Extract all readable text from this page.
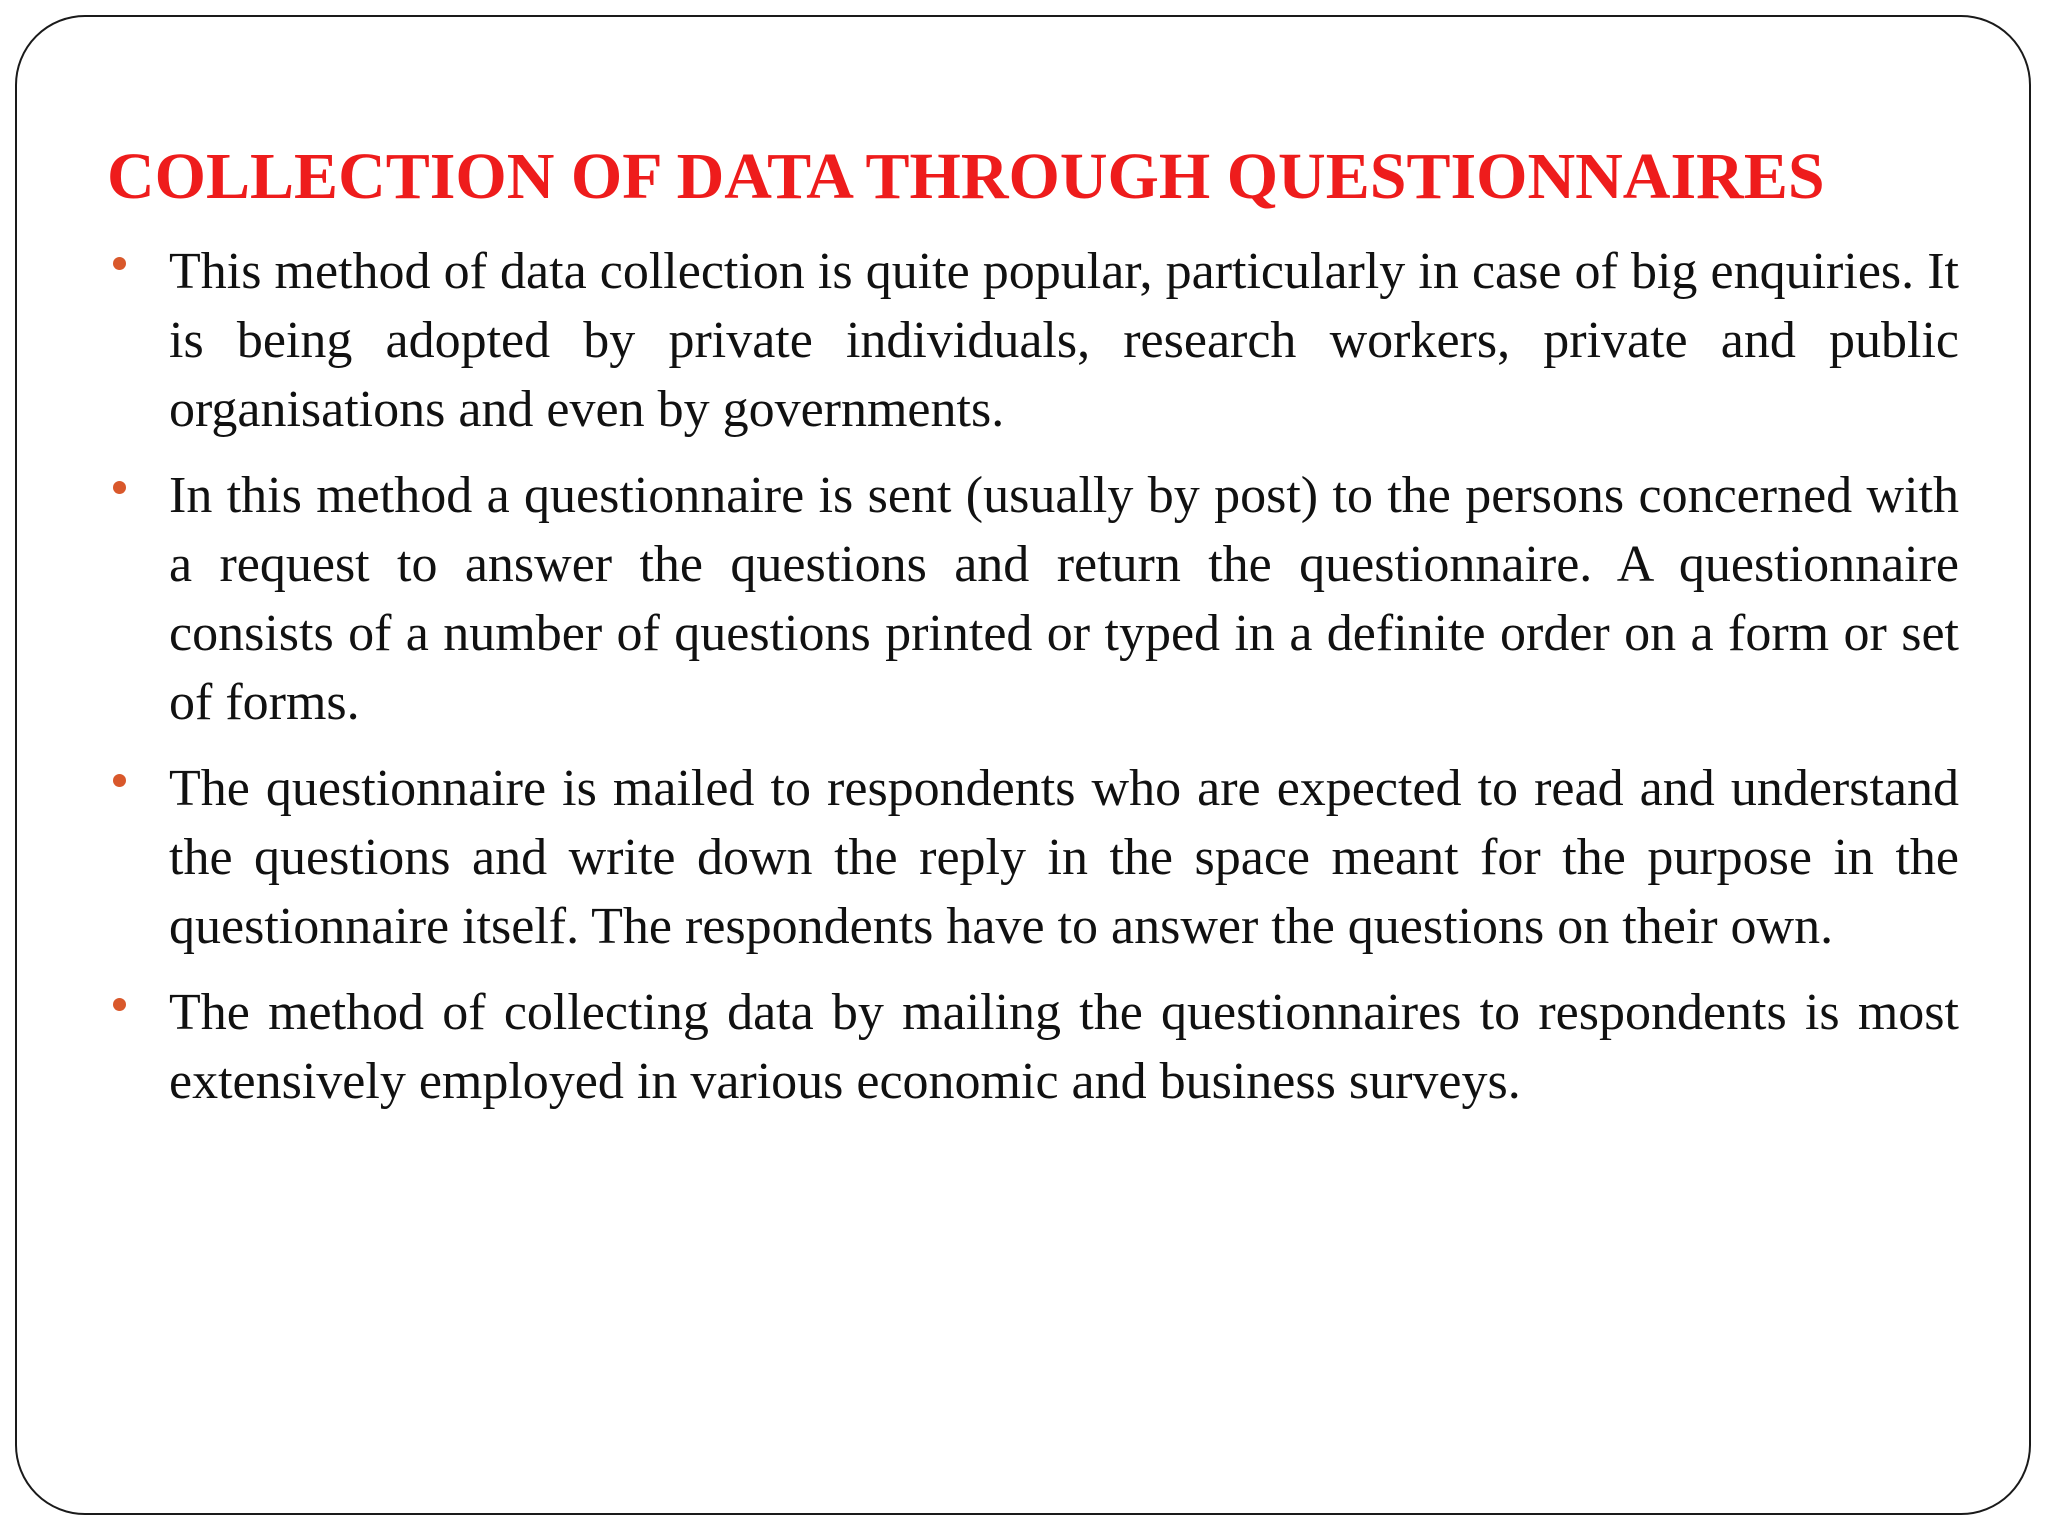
COLLECTION OF DATA THROUGH QUESTIONNAIRES
This method of data collection is quite popular, particularly in case of big enquiries. It is being adopted by private individuals, research workers, private and public organisations and even by governments.
In this method a questionnaire is sent (usually by post) to the persons concerned with a request to answer the questions and return the questionnaire. A questionnaire consists of a number of questions printed or typed in a definite order on a form or set of forms.
The questionnaire is mailed to respondents who are expected to read and understand the questions and write down the reply in the space meant for the purpose in the questionnaire itself. The respondents have to answer the questions on their own.
The method of collecting data by mailing the questionnaires to respondents is most extensively employed in various economic and business surveys.
